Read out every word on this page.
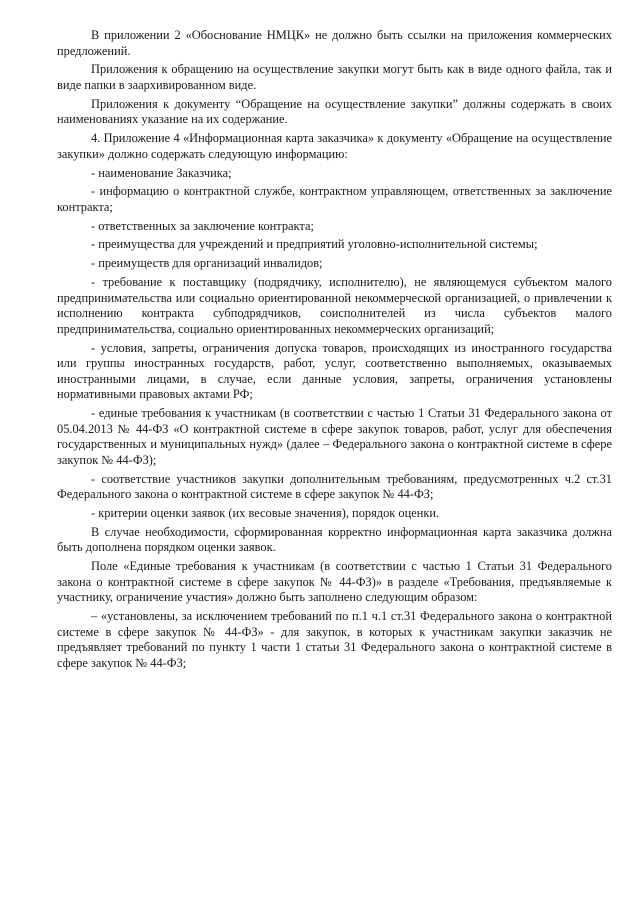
В приложении 2 «Обоснование НМЦК» не должно быть ссылки на приложения коммерческих предложений.

Приложения к обращению на осуществление закупки могут быть как в виде одного файла, так и виде папки в заархивированном виде.

Приложения к документу “Обращение на осуществление закупки” должны содержать в своих наименованиях указание на их содержание.

4. Приложение 4 «Информационная карта заказчика» к документу «Обращение на осуществление закупки» должно содержать следующую информацию:

- наименование Заказчика;

- информацию о контрактной службе, контрактном управляющем, ответственных за заключение контракта;

- ответственных за заключение контракта;

- преимущества для учреждений и предприятий уголовно-исполнительной системы;

- преимуществ для организаций инвалидов;

- требование к поставщику (подрядчику, исполнителю), не являющемуся субъектом малого предпринимательства или социально ориентированной некоммерческой организацией, о привлечении к исполнению контракта субподрядчиков, соисполнителей из числа субъектов малого предпринимательства, социально ориентированных некоммерческих организаций;

- условия, запреты, ограничения допуска товаров, происходящих из иностранного государства или группы иностранных государств, работ, услуг, соответственно выполняемых, оказываемых иностранными лицами, в случае, если данные условия, запреты, ограничения установлены нормативными правовых актами РФ;

- единые требования к участникам (в соответствии с частью 1 Статьи 31 Федерального закона от 05.04.2013 № 44-ФЗ «О контрактной системе в сфере закупок товаров, работ, услуг для обеспечения государственных и муниципальных нужд» (далее – Федерального закона о контрактной системе в сфере закупок № 44-ФЗ);

- соответствие участников закупки дополнительным требованиям, предусмотренных ч.2 ст.31 Федерального закона о контрактной системе в сфере закупок № 44-ФЗ;

- критерии оценки заявок (их весовые значения), порядок оценки.

В случае необходимости, сформированная корректно информационная карта заказчика должна быть дополнена порядком оценки заявок.

Поле «Единые требования к участникам (в соответствии с частью 1 Статьи 31 Федерального закона о контрактной системе в сфере закупок № 44-ФЗ)» в разделе «Требования, предъявляемые к участнику, ограничение участия» должно быть заполнено следующим образом:

– «установлены, за исключением требований по п.1 ч.1 ст.31 Федерального закона о контрактной системе в сфере закупок № 44-ФЗ» - для закупок, в которых к участникам закупки заказчик не предъявляет требований по пункту 1 части 1 статьи 31 Федерального закона о контрактной системе в сфере закупок № 44-ФЗ;
